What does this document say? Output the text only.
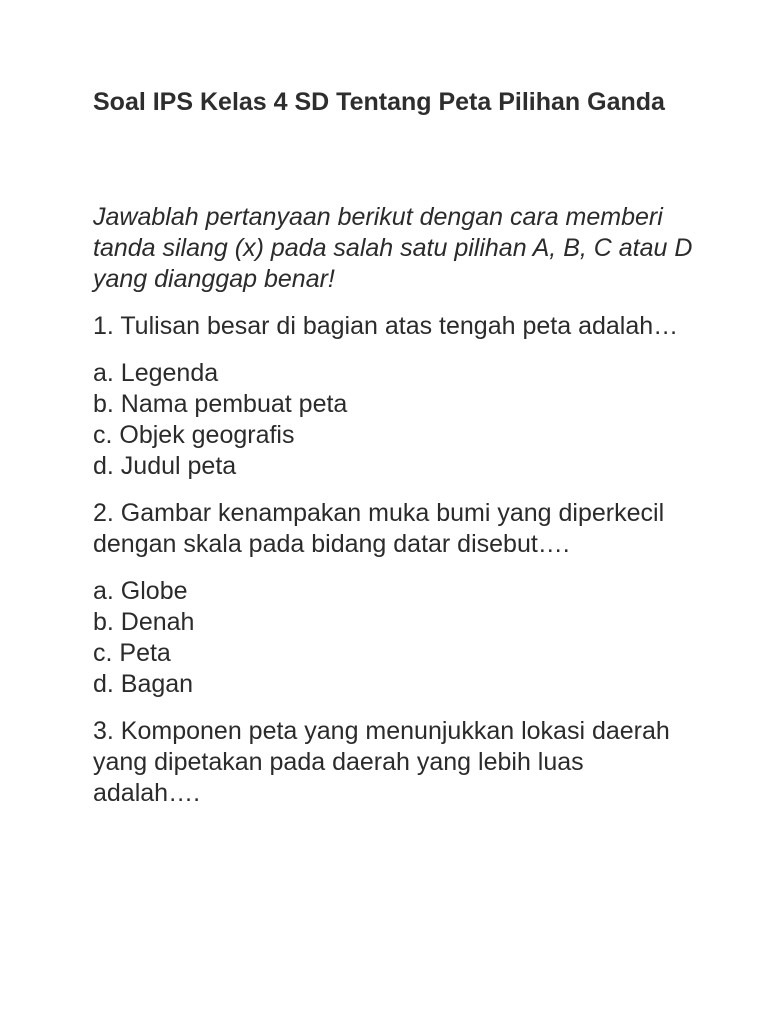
Soal IPS Kelas 4 SD Tentang Peta Pilihan Ganda

Jawablah pertanyaan berikut dengan cara memberi tanda silang (x) pada salah satu pilihan A, B, C atau D yang dianggap benar!

1. Tulisan besar di bagian atas tengah peta adalah…

a. Legenda
b. Nama pembuat peta
c. Objek geografis
d. Judul peta

2. Gambar kenampakan muka bumi yang diperkecil dengan skala pada bidang datar disebut….

a. Globe
b. Denah
c. Peta
d. Bagan

3. Komponen peta yang menunjukkan lokasi daerah yang dipetakan pada daerah yang lebih luas adalah….
